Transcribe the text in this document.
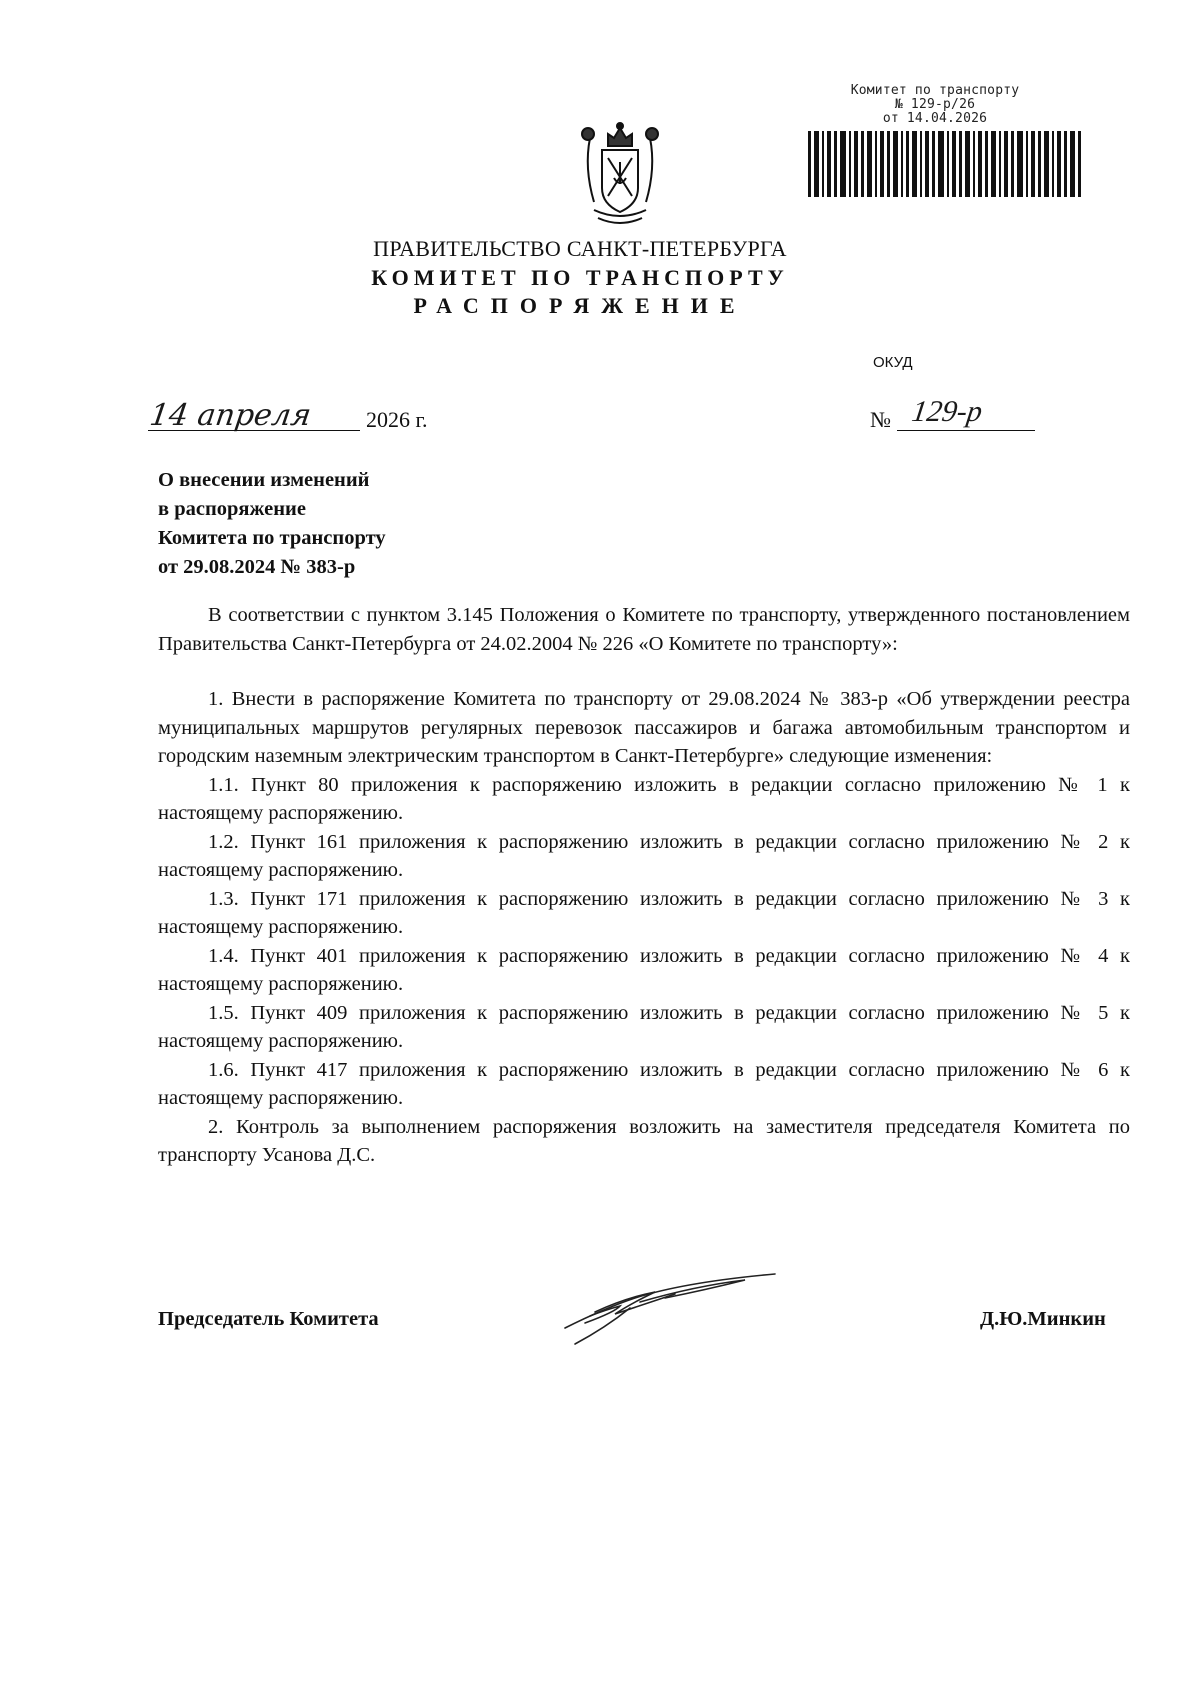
Комитет по транспорту
№ 129-р/26
от 14.04.2026
ПРАВИТЕЛЬСТВО САНКТ-ПЕТЕРБУРГА
КОМИТЕТ ПО ТРАНСПОРТУ
РАСПОРЯЖЕНИЕ
ОКУД
14 апреля	2026 г.	№ 129-р
О внесении изменений
в распоряжение
Комитета по транспорту
от 29.08.2024 № 383-р

В соответствии с пунктом 3.145 Положения о Комитете по транспорту, утвержденного постановлением Правительства Санкт-Петербурга от 24.02.2004 № 226 «О Комитете по транспорту»:

1. Внести в распоряжение Комитета по транспорту от 29.08.2024 № 383-р «Об утверждении реестра муниципальных маршрутов регулярных перевозок пассажиров и багажа автомобильным транспортом и городским наземным электрическим транспортом в Санкт-Петербурге» следующие изменения:

1.1. Пункт 80 приложения к распоряжению изложить в редакции согласно приложению № 1 к настоящему распоряжению.

1.2. Пункт 161 приложения к распоряжению изложить в редакции согласно приложению № 2 к настоящему распоряжению.

1.3. Пункт 171 приложения к распоряжению изложить в редакции согласно приложению № 3 к настоящему распоряжению.

1.4. Пункт 401 приложения к распоряжению изложить в редакции согласно приложению № 4 к настоящему распоряжению.

1.5. Пункт 409 приложения к распоряжению изложить в редакции согласно приложению № 5 к настоящему распоряжению.

1.6. Пункт 417 приложения к распоряжению изложить в редакции согласно приложению № 6 к настоящему распоряжению.

2. Контроль за выполнением распоряжения возложить на заместителя председателя Комитета по транспорту Усанова Д.С.

Председатель Комитета	Д.Ю.Минкин
